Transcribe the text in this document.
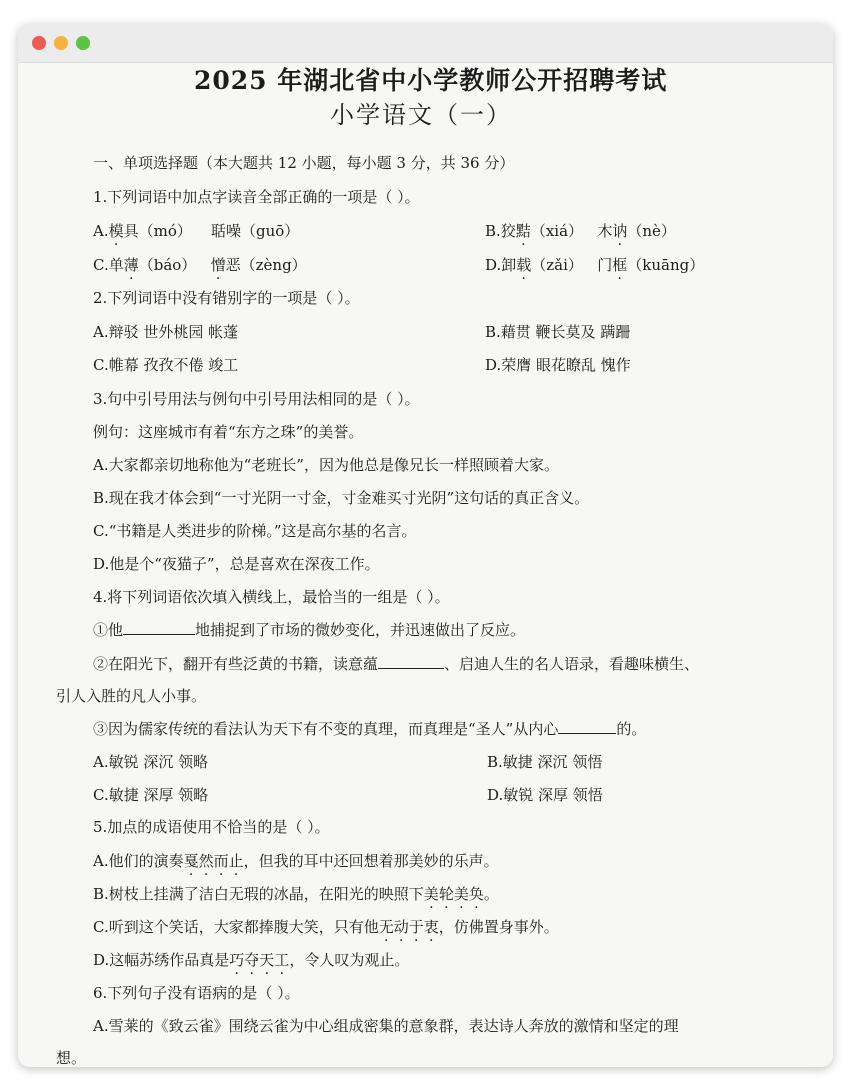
2025 年湖北省中小学教师公开招聘考试
小学语文（一）
一、单项选择题（本大题共 12 小题，每小题 3 分，共 36 分）
1.下列词语中加点字读音全部正确的一项是（ ）。
A.模具（mó） 聒噪（guō）	B.狡黠（xiá） 木讷（nè）
C.单薄（báo） 憎恶（zèng）	D.卸载（zǎi） 门框（kuāng）
2.下列词语中没有错别字的一项是（ ）。
A.辩驳 世外桃园 帐蓬	B.藉贯 鞭长莫及 蹒跚
C.帷幕 孜孜不倦 竣工	D.荣膺 眼花瞭乱 愧作
3.句中引号用法与例句中引号用法相同的是（ ）。
例句：这座城市有着“东方之珠”的美誉。
A.大家都亲切地称他为“老班长”，因为他总是像兄长一样照顾着大家。
B.现在我才体会到“一寸光阴一寸金，寸金难买寸光阴”这句话的真正含义。
C.“书籍是人类进步的阶梯。”这是高尔基的名言。
D.他是个“夜猫子”，总是喜欢在深夜工作。
4.将下列词语依次填入横线上，最恰当的一组是（ ）。
①他	地捕捉到了市场的微妙变化，并迅速做出了反应。
②在阳光下，翻开有些泛黄的书籍，读意蕴	、启迪人生的名人语录，看趣味横生、
引人入胜的凡人小事。
③因为儒家传统的看法认为天下有不变的真理，而真理是“圣人”从内心	的。
A.敏锐 深沉 领略	B.敏捷 深沉 领悟
C.敏捷 深厚 领略	D.敏锐 深厚 领悟
5.加点的成语使用不恰当的是（ ）。
A.他们的演奏戛然而止，但我的耳中还回想着那美妙的乐声。
B.树枝上挂满了洁白无瑕的冰晶，在阳光的映照下美轮美奂。
C.听到这个笑话，大家都捧腹大笑，只有他无动于衷，仿佛置身事外。
D.这幅苏绣作品真是巧夺天工，令人叹为观止。
6.下列句子没有语病的是（ ）。
A.雪莱的《致云雀》围绕云雀为中心组成密集的意象群，表达诗人奔放的激情和坚定的理
想。
